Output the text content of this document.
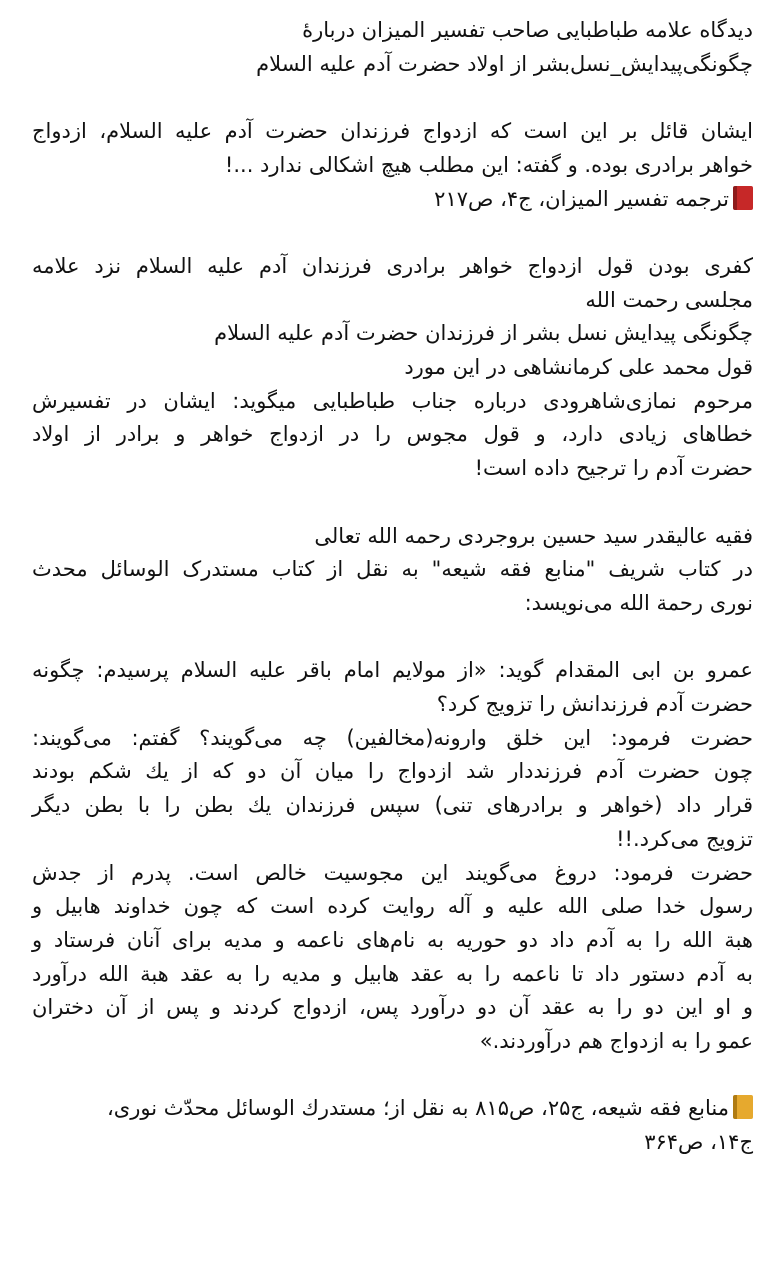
دیدگاه علامه طباطبایی صاحب تفسیر المیزان دربارۀ
چگونگی‌پیدایش_نسل‌بشر از اولاد حضرت آدم علیه السلام
ایشان قائل بر این است که ازدواج فرزندان حضرت آدم علیه السلام، ازدواج
خواهر برادری بوده. و گفته: این مطلب هیچ اشکالی ندارد ...!
ترجمه تفسیر المیزان، ج۴، ص۲۱۷
کفری بودن قول ازدواج خواهر برادری فرزندان آدم علیه السلام نزد علامه
مجلسی رحمت الله
چگونگی پیدایش نسل بشر از فرزندان حضرت آدم علیه السلام
قول محمد علی کرمانشاهی در این مورد
مرحوم نمازی‌شاهرودی درباره جناب طباطبایی میگوید: ایشان در تفسیرش
خطاهای زیادی دارد، و قول مجوس را در ازدواج خواهر و برادر از اولاد
حضرت آدم را ترجیح داده است!
فقیه عالیقدر سید حسین بروجردی رحمه الله تعالی
در کتاب شریف "منابع فقه شیعه" به نقل از کتاب مستدرک الوسائل محدث
نوری رحمة الله می‌نویسد:
عمرو بن ابی المقدام گوید: «از مولایم امام باقر علیه السلام پرسیدم: چگونه
حضرت آدم فرزندانش را تزویج کرد؟
حضرت فرمود: این خلق وارونه(مخالفین) چه می‌گویند؟ گفتم: می‌گویند:
چون حضرت آدم فرزنددار شد ازدواج را میان آن دو که از یك شكم بودند
قرار داد (خواهر و برادرهای تنی) سپس فرزندان یك بطن را با بطن دیگر
تزویج می‌كرد.!!
حضرت فرمود: دروغ می‌گویند این مجوسیت خالص است. پدرم از جدش
رسول خدا صلی الله علیه و آله روایت كرده است كه چون خداوند هابیل و
هبة الله را به آدم داد دو حوریه به نام‌های ناعمه و مدیه برای آنان فرستاد و
به آدم دستور داد تا ناعمه را به عقد هابیل و مدیه را به عقد هبة الله درآورد
و او این دو را به عقد آن دو درآورد پس، ازدواج كردند و پس از آن دختران
عمو را به ازدواج هم درآوردند.»
منابع فقه شیعه، ج۲۵، ص۸۱۵ به نقل از؛ مستدرك الوسائل محدّث نوری،
ج۱۴، ص۳۶۴
